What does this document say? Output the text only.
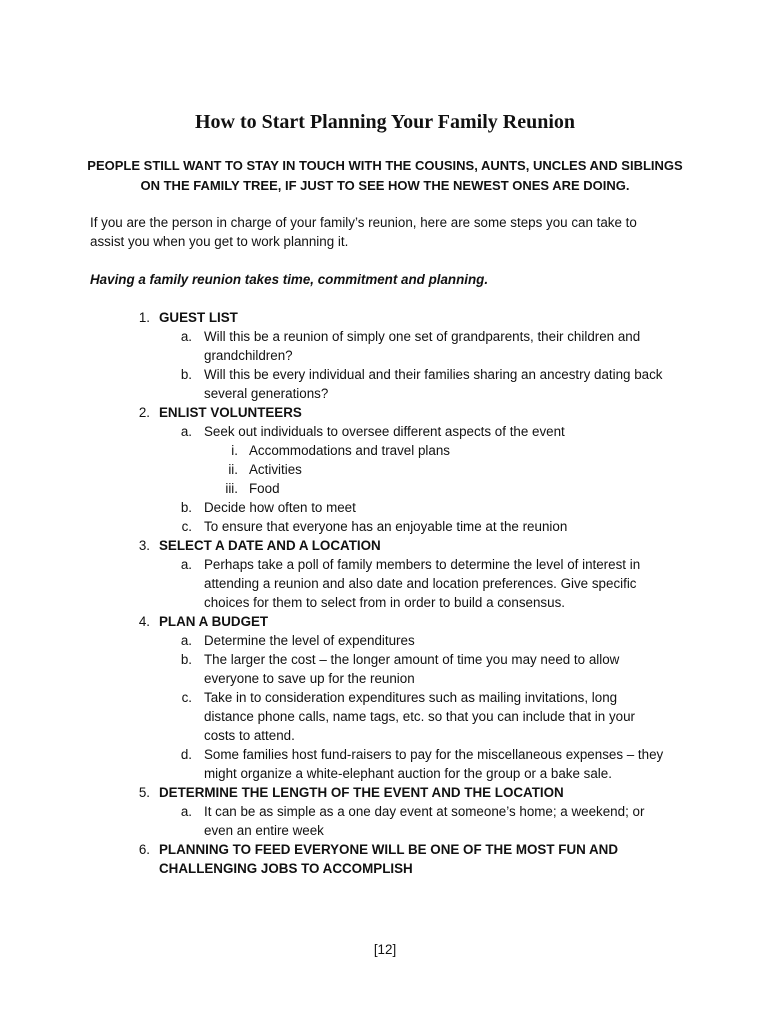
How to Start Planning Your Family Reunion
PEOPLE STILL WANT TO STAY IN TOUCH WITH THE COUSINS, AUNTS, UNCLES AND SIBLINGS
ON THE FAMILY TREE, IF JUST TO SEE HOW THE NEWEST ONES ARE DOING.
If you are the person in charge of your family’s reunion, here are some steps you can take to
assist you when you get to work planning it.
Having a family reunion takes time, commitment and planning.
1. GUEST LIST
a. Will this be a reunion of simply one set of grandparents, their children and
grandchildren?
b. Will this be every individual and their families sharing an ancestry dating back
several generations?
2. ENLIST VOLUNTEERS
a. Seek out individuals to oversee different aspects of the event
i. Accommodations and travel plans
ii. Activities
iii. Food
b. Decide how often to meet
c. To ensure that everyone has an enjoyable time at the reunion
3. SELECT A DATE AND A LOCATION
a. Perhaps take a poll of family members to determine the level of interest in
attending a reunion and also date and location preferences. Give specific
choices for them to select from in order to build a consensus.
4. PLAN A BUDGET
a. Determine the level of expenditures
b. The larger the cost – the longer amount of time you may need to allow
everyone to save up for the reunion
c. Take in to consideration expenditures such as mailing invitations, long
distance phone calls, name tags, etc. so that you can include that in your
costs to attend.
d. Some families host fund-raisers to pay for the miscellaneous expenses – they
might organize a white-elephant auction for the group or a bake sale.
5. DETERMINE THE LENGTH OF THE EVENT AND THE LOCATION
a. It can be as simple as a one day event at someone’s home; a weekend; or
even an entire week
6. PLANNING TO FEED EVERYONE WILL BE ONE OF THE MOST FUN AND
CHALLENGING JOBS TO ACCOMPLISH
[12]
